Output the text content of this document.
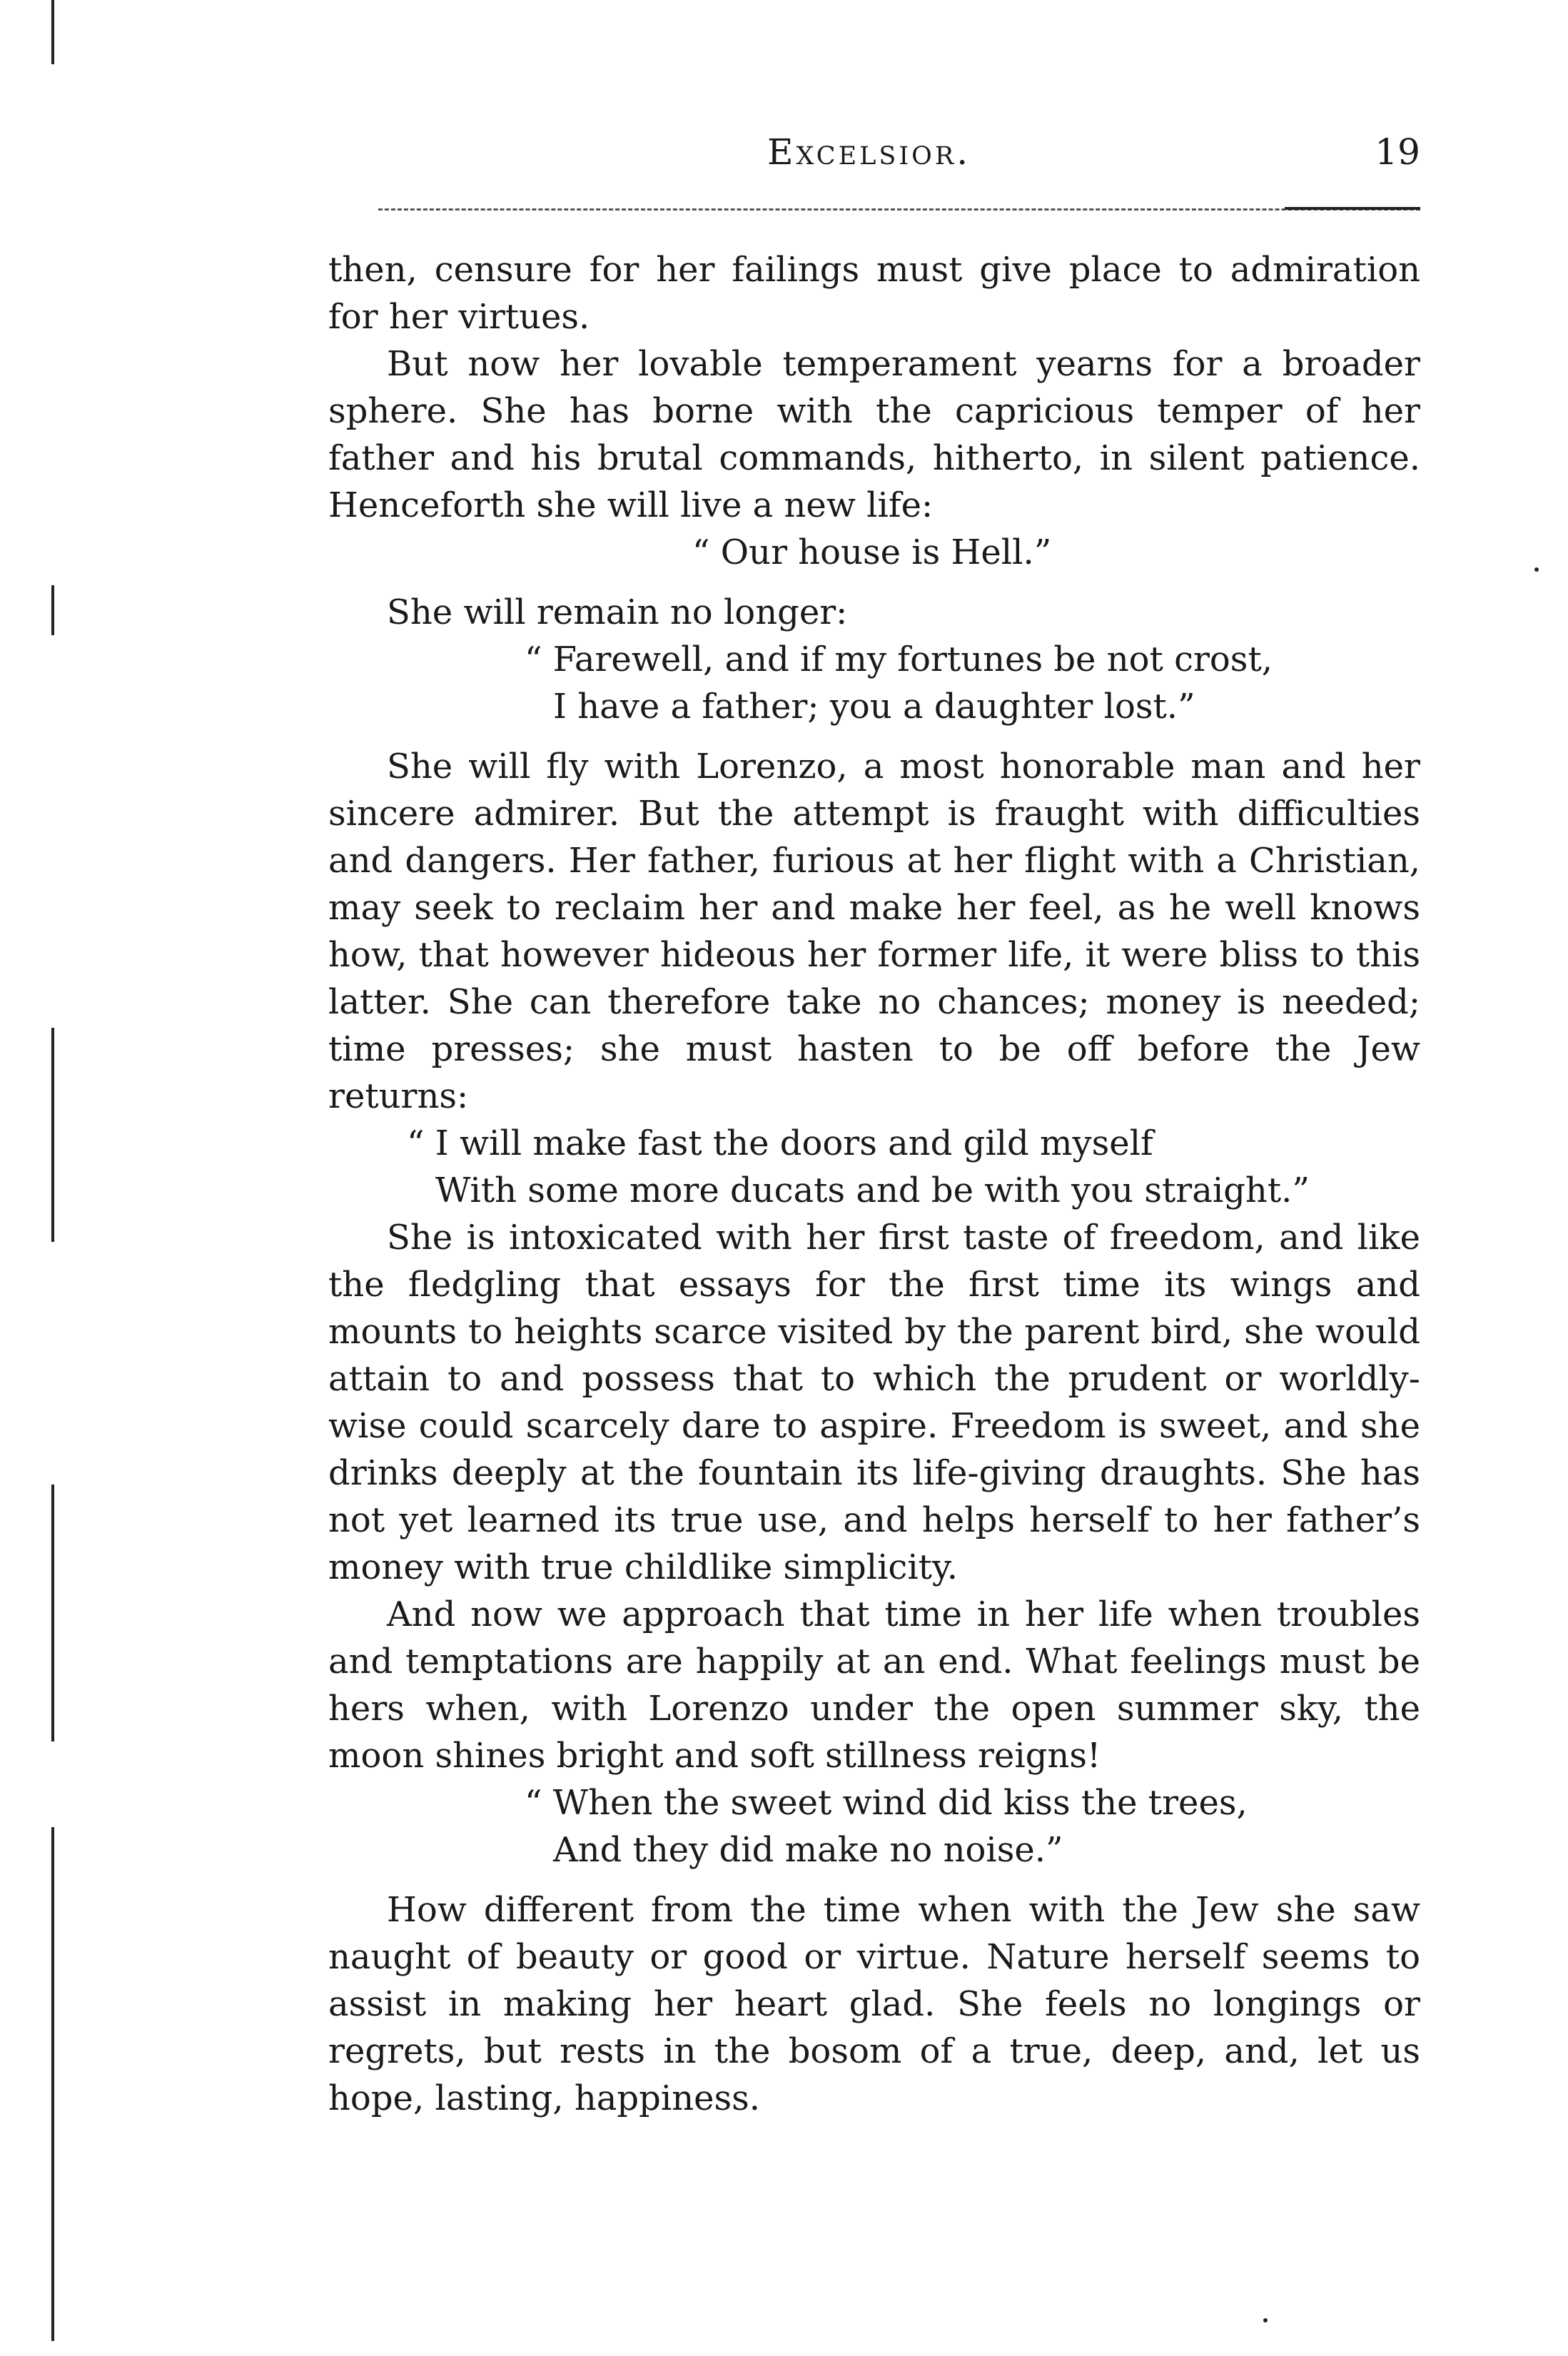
Excelsior.	19

then, censure for her failings must give place to admiration for her virtues.

But now her lovable temperament yearns for a broader sphere. She has borne with the capricious temper of her father and his brutal commands, hitherto, in silent patience. Henceforth she will live a new life:

“ Our house is Hell.”

She will remain no longer:

“ Farewell, and if my fortunes be not crost,
I have a father; you a daughter lost.”

She will fly with Lorenzo, a most honorable man and her sincere admirer. But the attempt is fraught with difficulties and dangers. Her father, furious at her flight with a Christian, may seek to reclaim her and make her feel, as he well knows how, that however hideous her former life, it were bliss to this latter. She can therefore take no chances; money is needed; time presses; she must hasten to be off before the Jew returns:

“ I will make fast the doors and gild myself
With some more ducats and be with you straight.”

She is intoxicated with her first taste of freedom, and like the fledgling that essays for the first time its wings and mounts to heights scarce visited by the parent bird, she would attain to and possess that to which the prudent or worldly-wise could scarcely dare to aspire. Freedom is sweet, and she drinks deeply at the fountain its life-giving draughts. She has not yet learned its true use, and helps herself to her father’s money with true childlike simplicity.

And now we approach that time in her life when troubles and temptations are happily at an end. What feelings must be hers when, with Lorenzo under the open summer sky, the moon shines bright and soft stillness reigns!

“ When the sweet wind did kiss the trees,
And they did make no noise.”

How different from the time when with the Jew she saw naught of beauty or good or virtue. Nature herself seems to assist in making her heart glad. She feels no longings or regrets, but rests in the bosom of a true, deep, and, let us hope, lasting, happiness.
